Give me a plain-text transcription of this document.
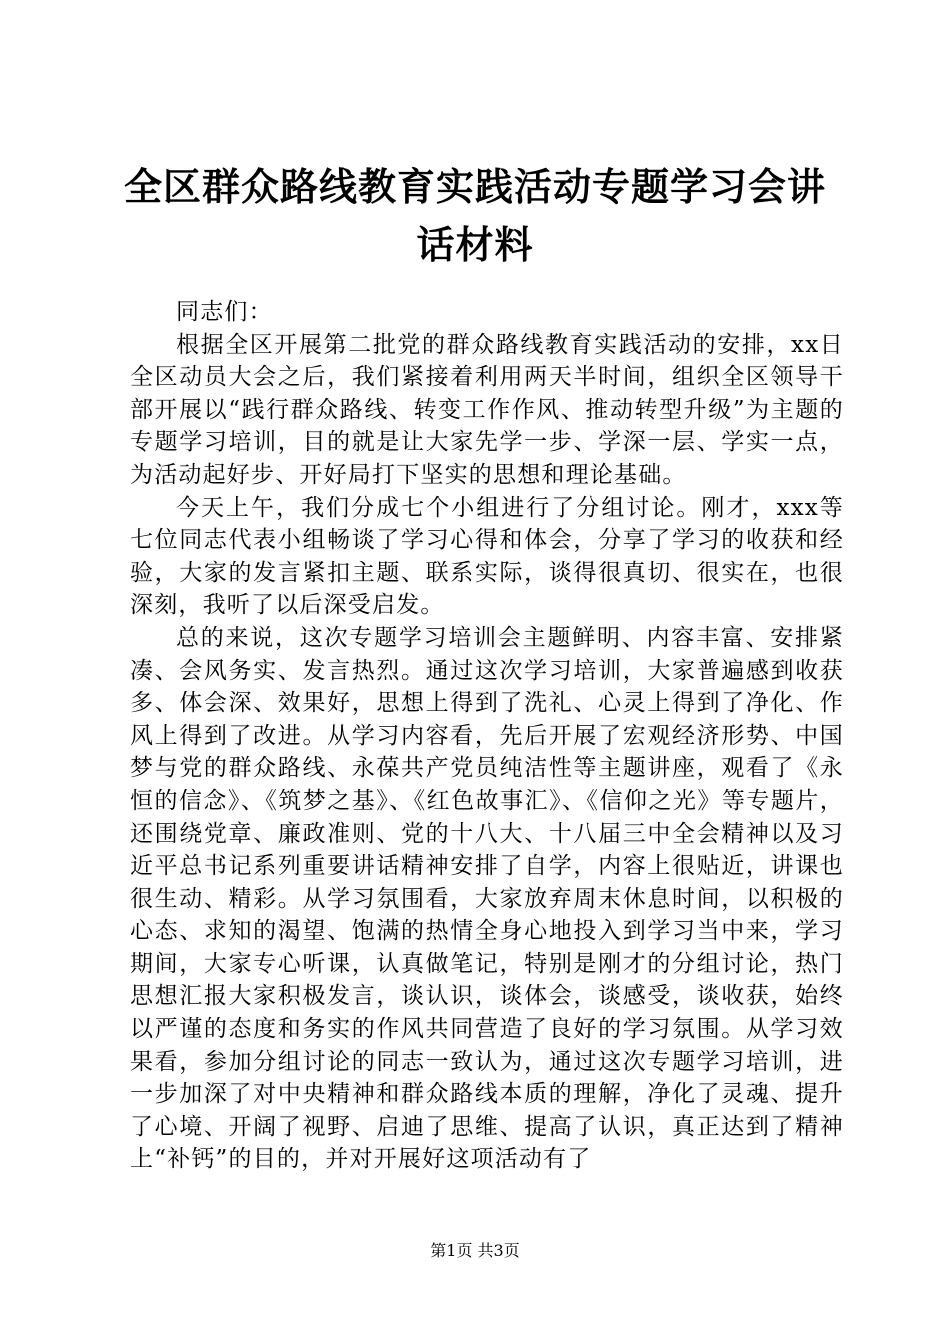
全区群众路线教育实践活动专题学习会讲话材料

同志们：

根据全区开展第二批党的群众路线教育实践活动的安排，xx日全区动员大会之后，我们紧接着利用两天半时间，组织全区领导干部开展以“践行群众路线、转变工作作风、推动转型升级”为主题的专题学习培训，目的就是让大家先学一步、学深一层、学实一点，为活动起好步、开好局打下坚实的思想和理论基础。

今天上午，我们分成七个小组进行了分组讨论。刚才，xxx等七位同志代表小组畅谈了学习心得和体会，分享了学习的收获和经验，大家的发言紧扣主题、联系实际，谈得很真切、很实在，也很深刻，我听了以后深受启发。

总的来说，这次专题学习培训会主题鲜明、内容丰富、安排紧凑、会风务实、发言热烈。通过这次学习培训，大家普遍感到收获多、体会深、效果好，思想上得到了洗礼、心灵上得到了净化、作风上得到了改进。从学习内容看，先后开展了宏观经济形势、中国梦与党的群众路线、永葆共产党员纯洁性等主题讲座，观看了《永恒的信念》、《筑梦之基》、《红色故事汇》、《信仰之光》等专题片，还围绕党章、廉政准则、党的十八大、十八届三中全会精神以及习近平总书记系列重要讲话精神安排了自学，内容上很贴近，讲课也很生动、精彩。从学习氛围看，大家放弃周末休息时间，以积极的心态、求知的渴望、饱满的热情全身心地投入到学习当中来，学习期间，大家专心听课，认真做笔记，特别是刚才的分组讨论，热门思想汇报大家积极发言，谈认识，谈体会，谈感受，谈收获，始终以严谨的态度和务实的作风共同营造了良好的学习氛围。从学习效果看，参加分组讨论的同志一致认为，通过这次专题学习培训，进一步加深了对中央精神和群众路线本质的理解，净化了灵魂、提升了心境、开阔了视野、启迪了思维、提高了认识，真正达到了精神上“补钙”的目的，并对开展好这项活动有了

第1页 共3页
